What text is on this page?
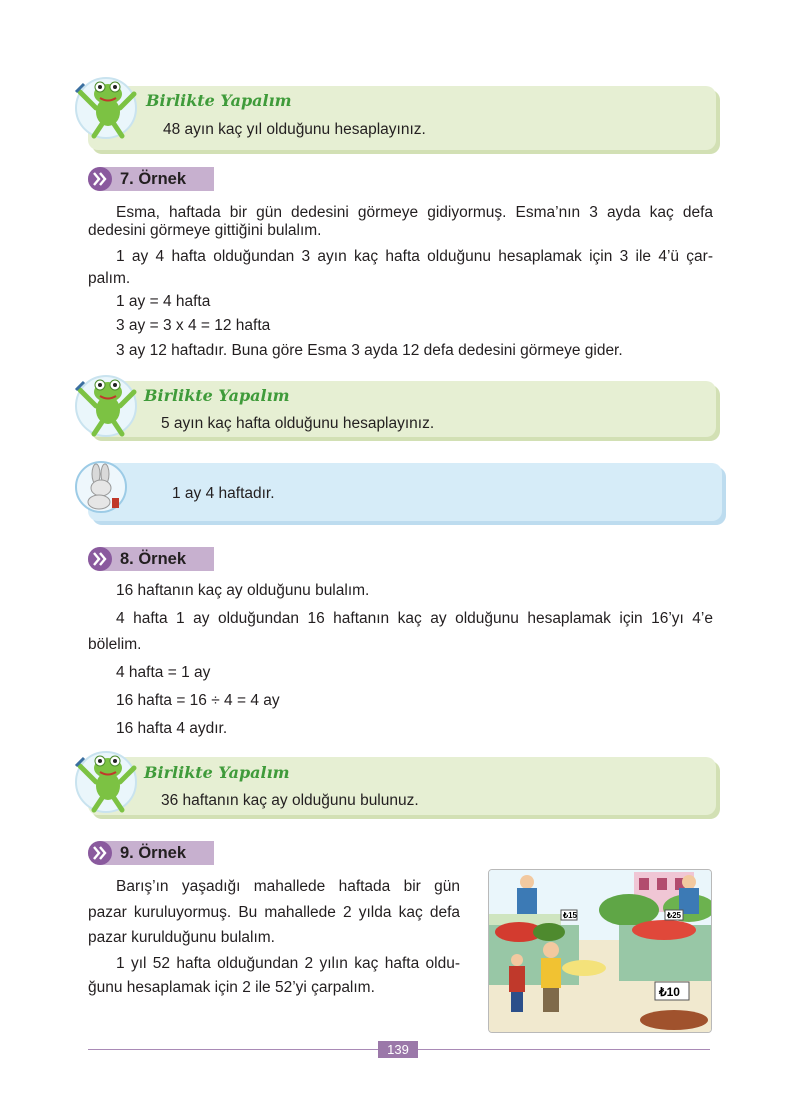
Birlikte Yapalım
48 ayın kaç yıl olduğunu hesaplayınız.
7. Örnek
Esma, haftada bir gün dedesini görmeye gidiyormuş. Esma’nın 3 ayda kaç defa
dedesini görmeye gittiğini bulalım.
1 ay 4 hafta olduğundan 3 ayın kaç hafta olduğunu hesaplamak için 3 ile 4’ü çar-
palım.
1 ay = 4 hafta
3 ay = 3 x 4 = 12 hafta
3 ay 12 haftadır. Buna göre Esma 3 ayda 12 defa dedesini görmeye gider.
Birlikte Yapalım
5 ayın kaç hafta olduğunu hesaplayınız.
1 ay 4 haftadır.
8. Örnek
16 haftanın kaç ay olduğunu bulalım.
4 hafta 1 ay olduğundan 16 haftanın kaç ay olduğunu hesaplamak için 16’yı 4’e
bölelim.
4 hafta = 1 ay
16 hafta = 16 ÷ 4 = 4 ay
16 hafta 4 aydır.
Birlikte Yapalım
36 haftanın kaç ay olduğunu bulunuz.
9. Örnek
Barış’ın yaşadığı mahallede haftada bir gün
pazar kuruluyormuş. Bu mahallede 2 yılda kaç defa
pazar kurulduğunu bulalım.
1 yıl 52 hafta olduğundan 2 yılın kaç hafta oldu-
ğunu hesaplamak için 2 ile 52’yi çarpalım.
₺15	₺25
₺10
139
